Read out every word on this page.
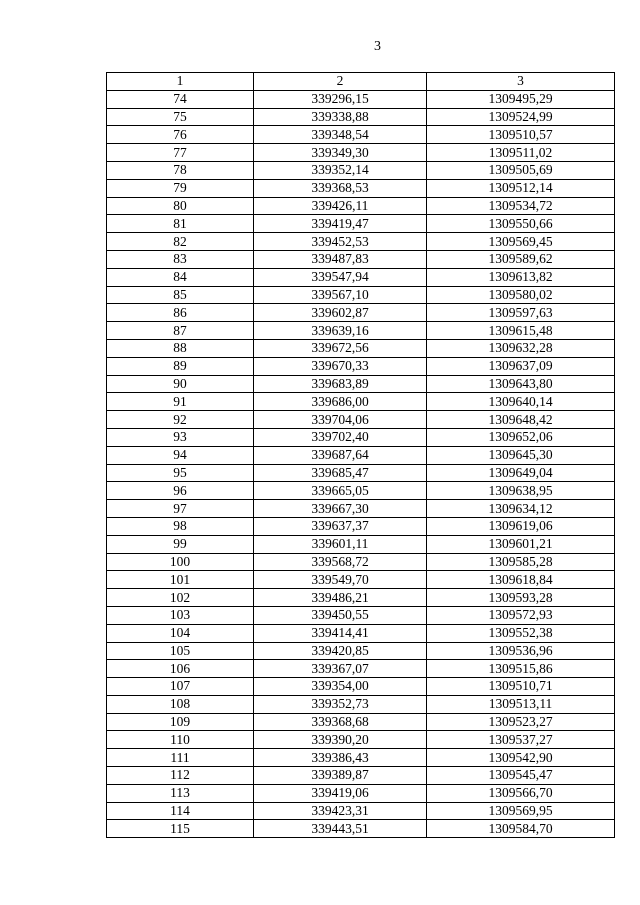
3
1	2	3
74	339296,15	1309495,29
75	339338,88	1309524,99
76	339348,54	1309510,57
77	339349,30	1309511,02
78	339352,14	1309505,69
79	339368,53	1309512,14
80	339426,11	1309534,72
81	339419,47	1309550,66
82	339452,53	1309569,45
83	339487,83	1309589,62
84	339547,94	1309613,82
85	339567,10	1309580,02
86	339602,87	1309597,63
87	339639,16	1309615,48
88	339672,56	1309632,28
89	339670,33	1309637,09
90	339683,89	1309643,80
91	339686,00	1309640,14
92	339704,06	1309648,42
93	339702,40	1309652,06
94	339687,64	1309645,30
95	339685,47	1309649,04
96	339665,05	1309638,95
97	339667,30	1309634,12
98	339637,37	1309619,06
99	339601,11	1309601,21
100	339568,72	1309585,28
101	339549,70	1309618,84
102	339486,21	1309593,28
103	339450,55	1309572,93
104	339414,41	1309552,38
105	339420,85	1309536,96
106	339367,07	1309515,86
107	339354,00	1309510,71
108	339352,73	1309513,11
109	339368,68	1309523,27
110	339390,20	1309537,27
111	339386,43	1309542,90
112	339389,87	1309545,47
113	339419,06	1309566,70
114	339423,31	1309569,95
115	339443,51	1309584,70
